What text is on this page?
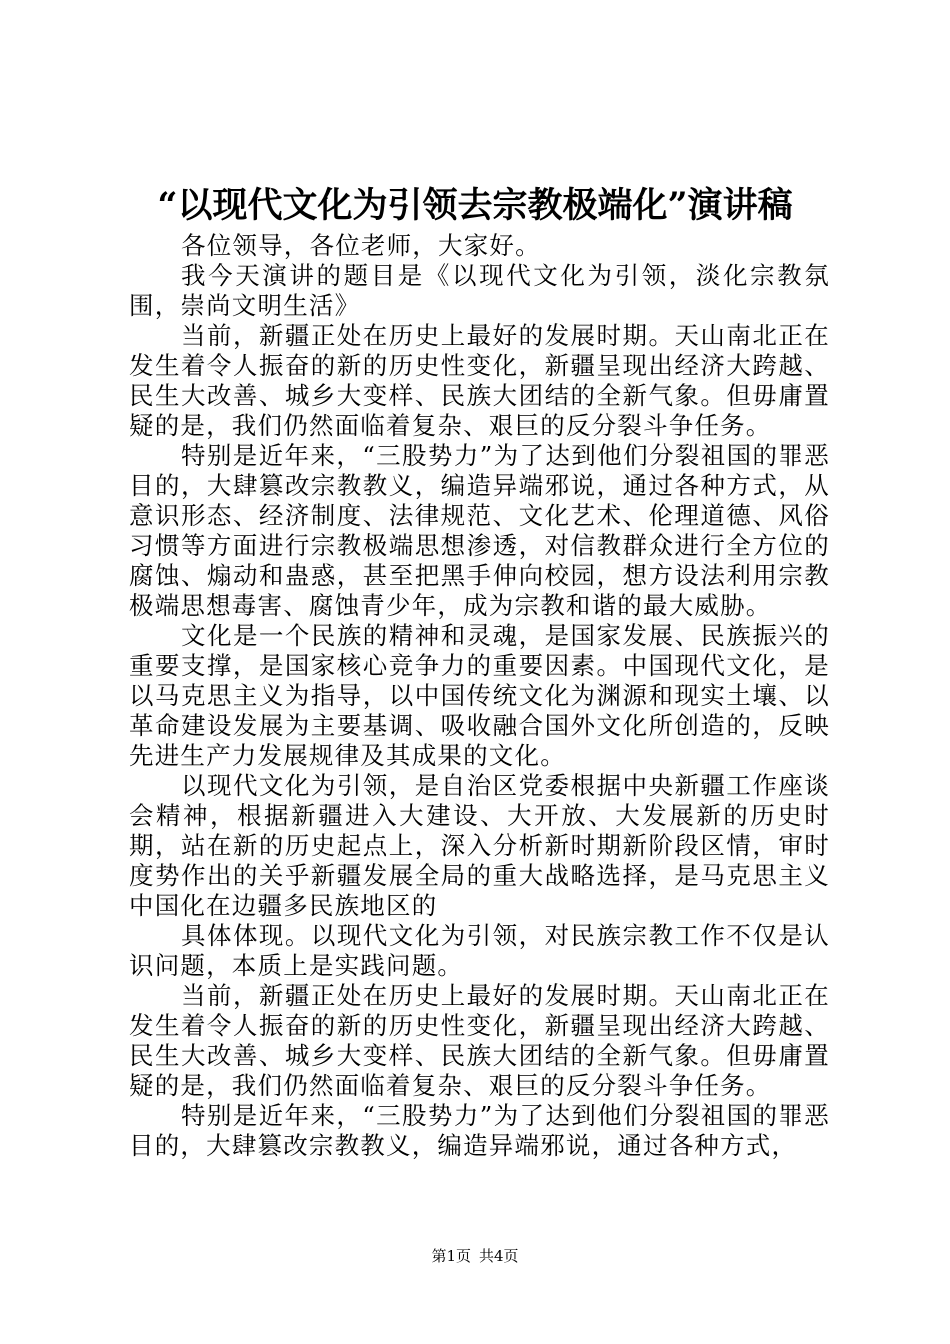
“以现代文化为引领去宗教极端化”演讲稿

各位领导，各位老师，大家好。

我今天演讲的题目是《以现代文化为引领，淡化宗教氛围，崇尚文明生活》

当前，新疆正处在历史上最好的发展时期。天山南北正在发生着令人振奋的新的历史性变化，新疆呈现出经济大跨越、民生大改善、城乡大变样、民族大团结的全新气象。但毋庸置疑的是，我们仍然面临着复杂、艰巨的反分裂斗争任务。

特别是近年来，“三股势力”为了达到他们分裂祖国的罪恶目的，大肆篡改宗教教义，编造异端邪说，通过各种方式，从意识形态、经济制度、法律规范、文化艺术、伦理道德、风俗习惯等方面进行宗教极端思想渗透，对信教群众进行全方位的腐蚀、煽动和蛊惑，甚至把黑手伸向校园，想方设法利用宗教极端思想毒害、腐蚀青少年，成为宗教和谐的最大威胁。

文化是一个民族的精神和灵魂，是国家发展、民族振兴的重要支撑，是国家核心竞争力的重要因素。中国现代文化，是以马克思主义为指导，以中国传统文化为渊源和现实土壤、以革命建设发展为主要基调、吸收融合国外文化所创造的，反映先进生产力发展规律及其成果的文化。

以现代文化为引领，是自治区党委根据中央新疆工作座谈会精神，根据新疆进入大建设、大开放、大发展新的历史时期，站在新的历史起点上，深入分析新时期新阶段区情，审时度势作出的关乎新疆发展全局的重大战略选择，是马克思主义中国化在边疆多民族地区的

具体体现。以现代文化为引领，对民族宗教工作不仅是认识问题，本质上是实践问题。

当前，新疆正处在历史上最好的发展时期。天山南北正在发生着令人振奋的新的历史性变化，新疆呈现出经济大跨越、民生大改善、城乡大变样、民族大团结的全新气象。但毋庸置疑的是，我们仍然面临着复杂、艰巨的反分裂斗争任务。

特别是近年来，“三股势力”为了达到他们分裂祖国的罪恶目的，大肆篡改宗教教义，编造异端邪说，通过各种方式，

第1页 共4页
